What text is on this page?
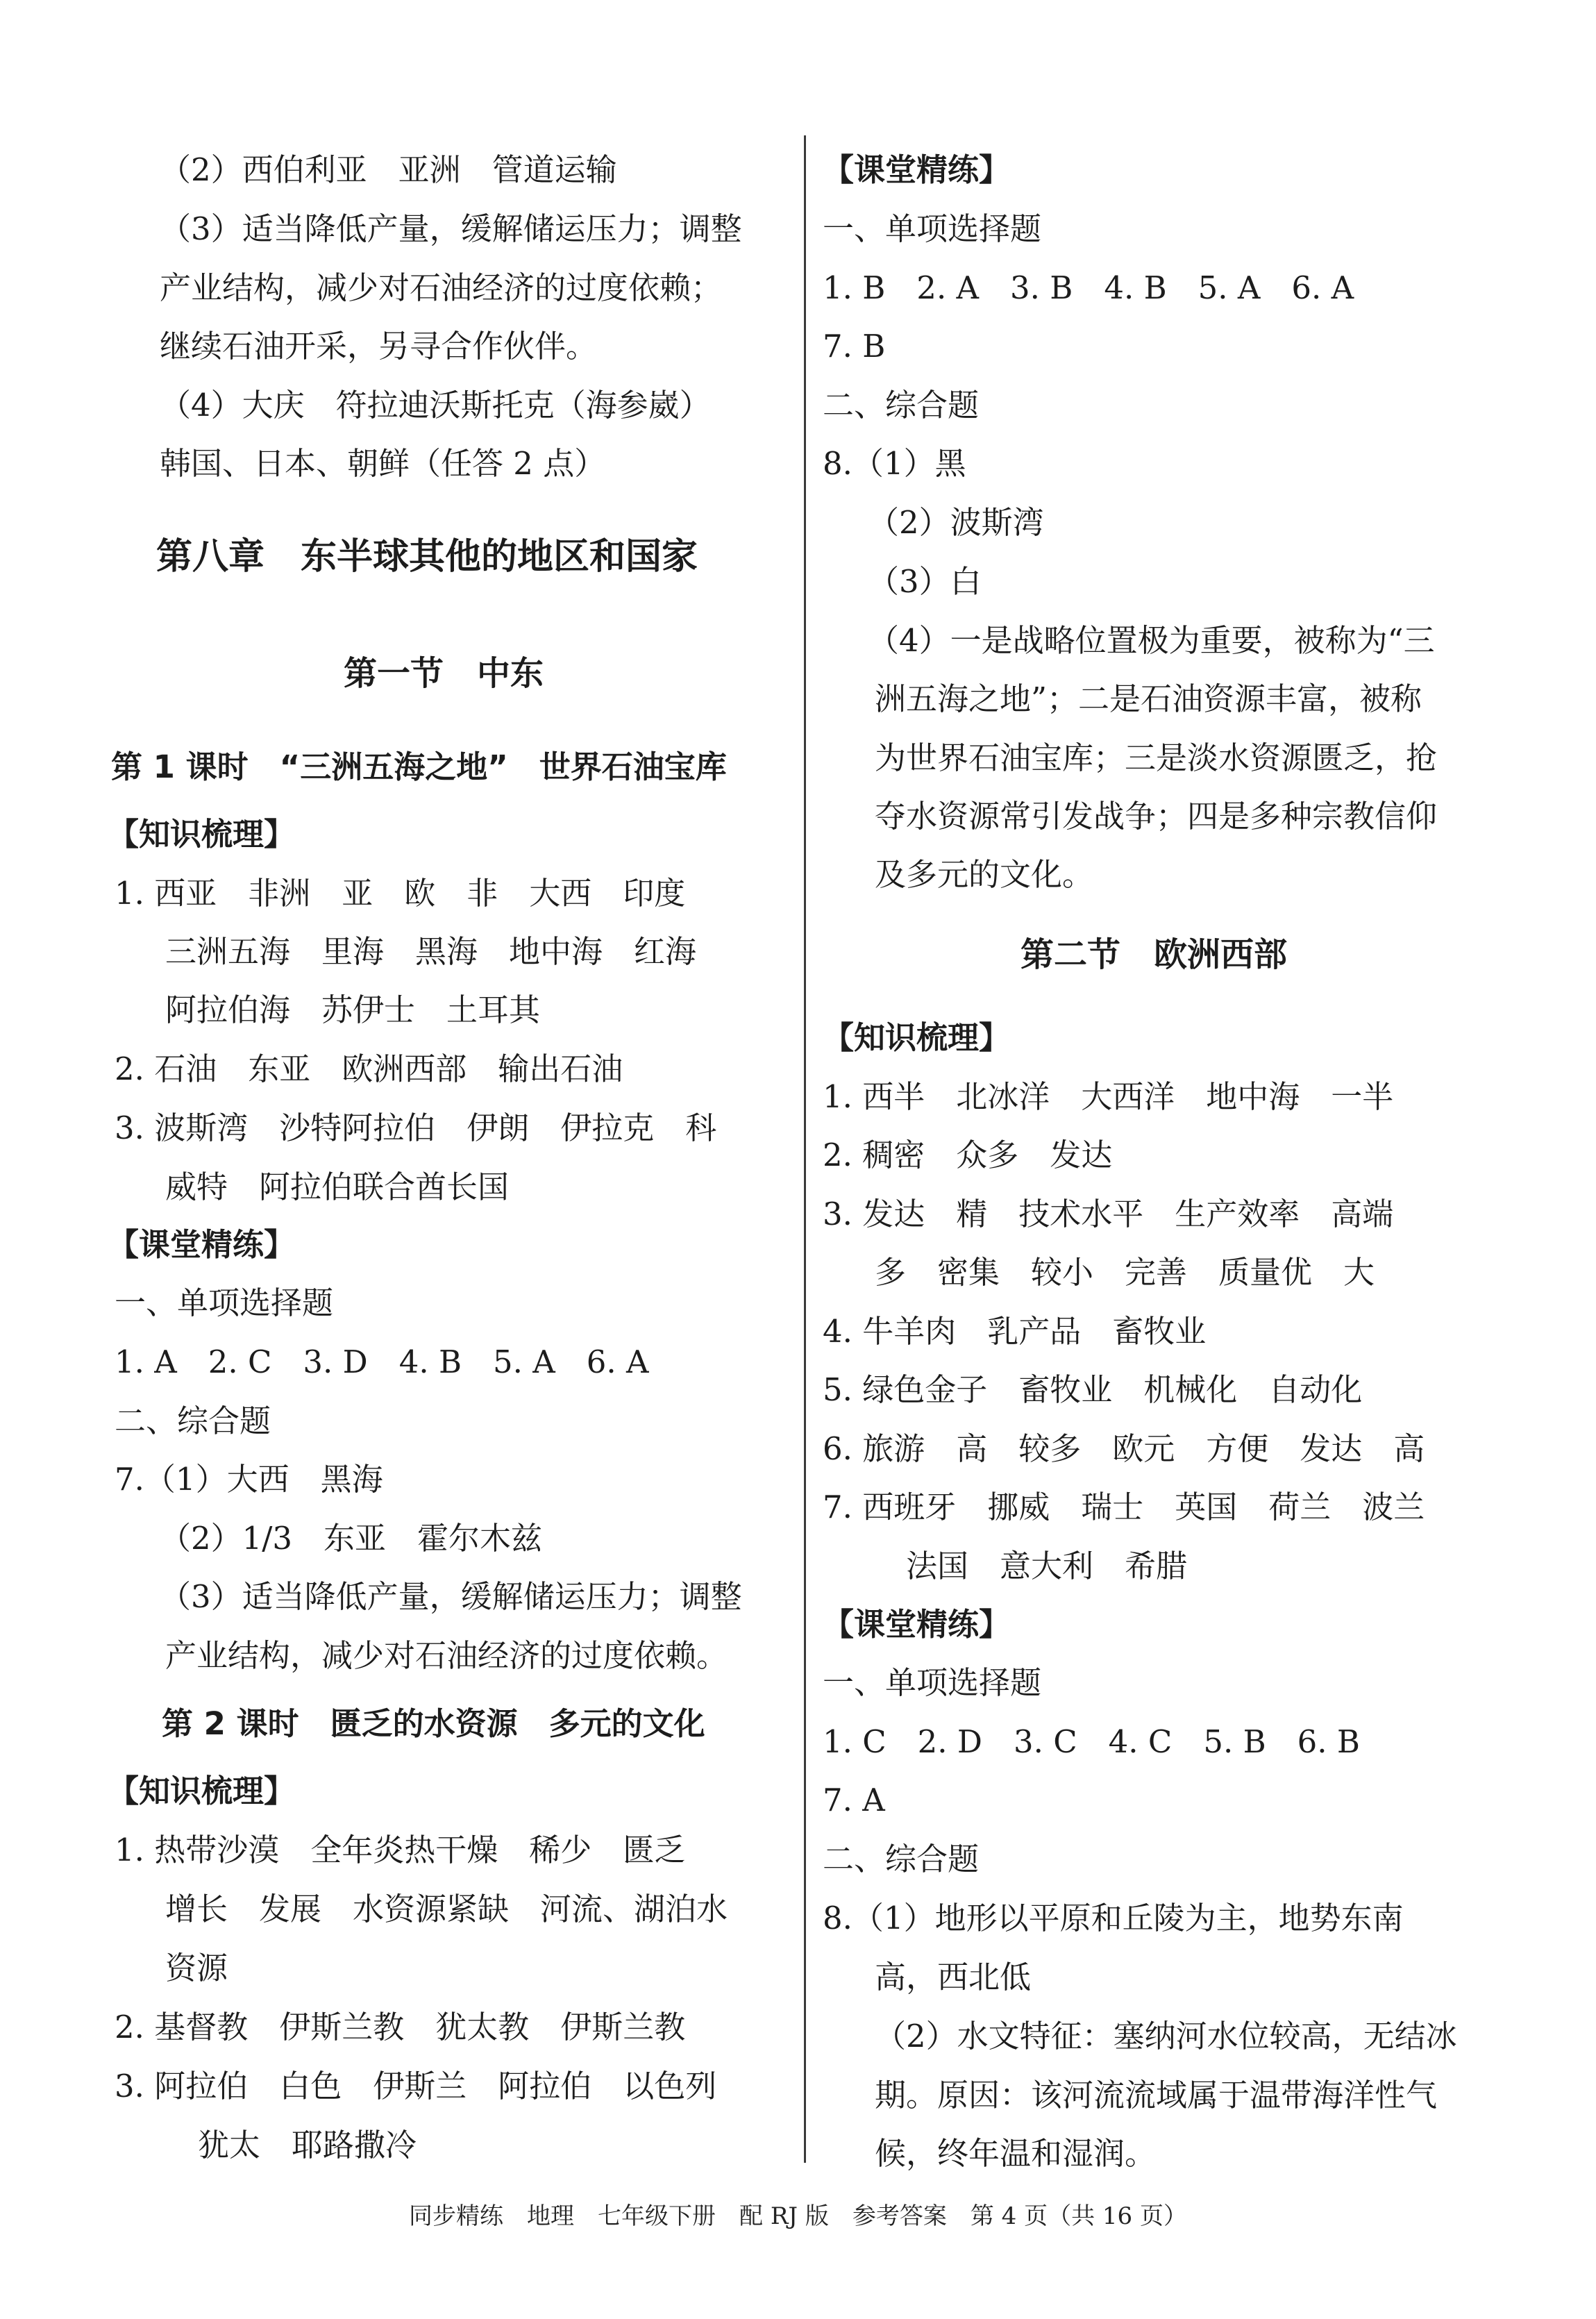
（2）西伯利亚　亚洲　管道运输
（3）适当降低产量，缓解储运压力；调整
产业结构，减少对石油经济的过度依赖；
继续石油开采，另寻合作伙伴。
（4）大庆　符拉迪沃斯托克（海参崴）
韩国、日本、朝鲜（任答 2 点）
第八章　东半球其他的地区和国家
第一节　中东
第 1 课时　“三洲五海之地”　世界石油宝库
【知识梳理】
1. 西亚　非洲　亚　欧　非　大西　印度
三洲五海　里海　黑海　地中海　红海
阿拉伯海　苏伊士　土耳其
2. 石油　东亚　欧洲西部　输出石油
3. 波斯湾　沙特阿拉伯　伊朗　伊拉克　科
威特　阿拉伯联合酋长国
【课堂精练】
一、单项选择题
1. A　2. C　3. D　4. B　5. A　6. A
二、综合题
7.（1）大西　黑海
（2）1/3　东亚　霍尔木兹
（3）适当降低产量，缓解储运压力；调整
产业结构，减少对石油经济的过度依赖。
第 2 课时　匮乏的水资源　多元的文化
【知识梳理】
1. 热带沙漠　全年炎热干燥　稀少　匮乏
增长　发展　水资源紧缺　河流、湖泊水
资源
2. 基督教　伊斯兰教　犹太教　伊斯兰教
3. 阿拉伯　白色　伊斯兰　阿拉伯　以色列
犹太　耶路撒冷
【课堂精练】
一、单项选择题
1. B　2. A　3. B　4. B　5. A　6. A
7. B
二、综合题
8.（1）黑
（2）波斯湾
（3）白
（4）一是战略位置极为重要，被称为“三
洲五海之地”；二是石油资源丰富，被称
为世界石油宝库；三是淡水资源匮乏，抢
夺水资源常引发战争；四是多种宗教信仰
及多元的文化。
第二节　欧洲西部
【知识梳理】
1. 西半　北冰洋　大西洋　地中海　一半
2. 稠密　众多　发达
3. 发达　精　技术水平　生产效率　高端
多　密集　较小　完善　质量优　大
4. 牛羊肉　乳产品　畜牧业
5. 绿色金子　畜牧业　机械化　自动化
6. 旅游　高　较多　欧元　方便　发达　高
7. 西班牙　挪威　瑞士　英国　荷兰　波兰
法国　意大利　希腊
【课堂精练】
一、单项选择题
1. C　2. D　3. C　4. C　5. B　6. B
7. A
二、综合题
8.（1）地形以平原和丘陵为主，地势东南
高，西北低
（2）水文特征：塞纳河水位较高，无结冰
期。原因：该河流流域属于温带海洋性气
候，终年温和湿润。
同步精练　地理　七年级下册　配 RJ 版　参考答案　第 4 页（共 16 页）
